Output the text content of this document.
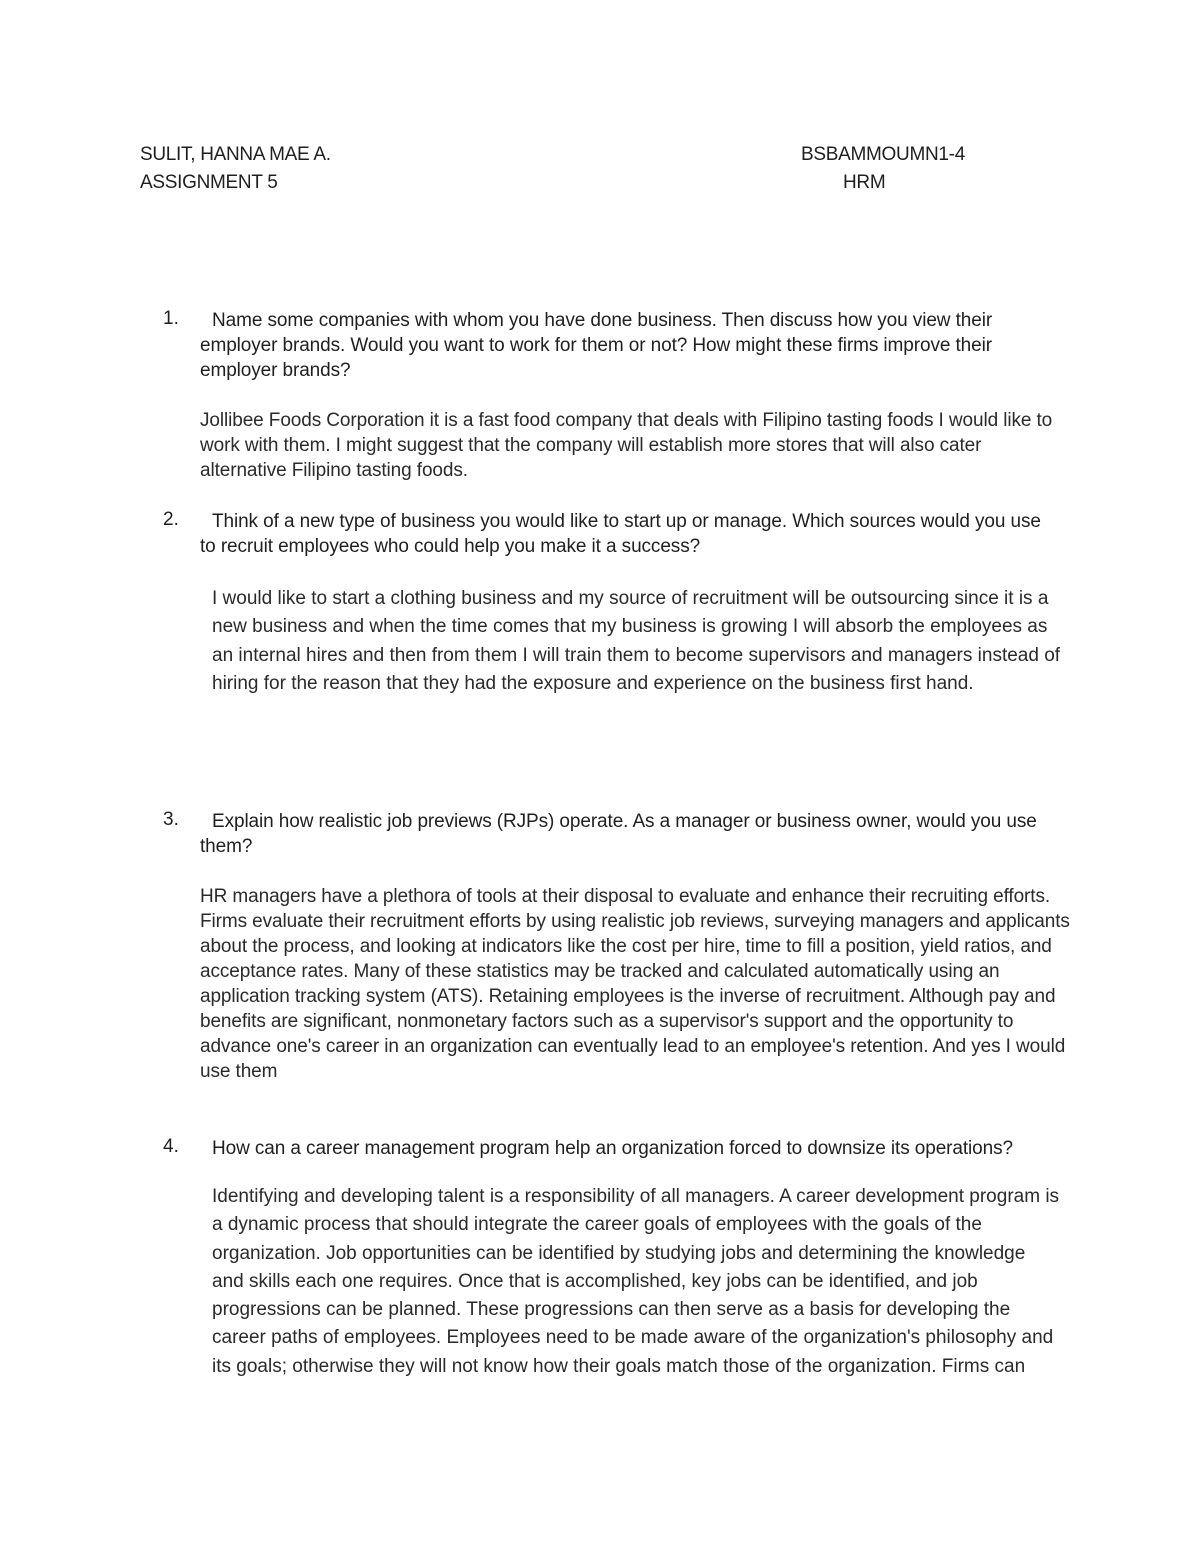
SULIT, HANNA MAE A.	BSBAMMOUMN1-4
ASSIGNMENT 5	HRM
1.	Name some companies with whom you have done business. Then discuss how you view their employer brands. Would you want to work for them or not? How might these firms improve their employer brands?
Jollibee Foods Corporation it is a fast food company that deals with Filipino tasting foods I would like to work with them. I might suggest that the company will establish more stores that will also cater alternative Filipino tasting foods.
2.	Think of a new type of business you would like to start up or manage. Which sources would you use to recruit employees who could help you make it a success?
I would like to start a clothing business and my source of recruitment will be outsourcing since it is a new business and when the time comes that my business is growing I will absorb the employees as an internal hires and then from them I will train them to become supervisors and managers instead of hiring for the reason that they had the exposure and experience on the business first hand.
3.	Explain how realistic job previews (RJPs) operate. As a manager or business owner, would you use them?
HR managers have a plethora of tools at their disposal to evaluate and enhance their recruiting efforts. Firms evaluate their recruitment efforts by using realistic job reviews, surveying managers and applicants about the process, and looking at indicators like the cost per hire, time to fill a position, yield ratios, and acceptance rates. Many of these statistics may be tracked and calculated automatically using an application tracking system (ATS). Retaining employees is the inverse of recruitment. Although pay and benefits are significant, nonmonetary factors such as a supervisor's support and the opportunity to advance one's career in an organization can eventually lead to an employee's retention. And yes I would use them
4.	How can a career management program help an organization forced to downsize its operations?
Identifying and developing talent is a responsibility of all managers. A career development program is a dynamic process that should integrate the career goals of employees with the goals of the organization. Job opportunities can be identified by studying jobs and determining the knowledge and skills each one requires. Once that is accomplished, key jobs can be identified, and job progressions can be planned. These progressions can then serve as a basis for developing the career paths of employees. Employees need to be made aware of the organization's philosophy and its goals; otherwise they will not know how their goals match those of the organization. Firms can
